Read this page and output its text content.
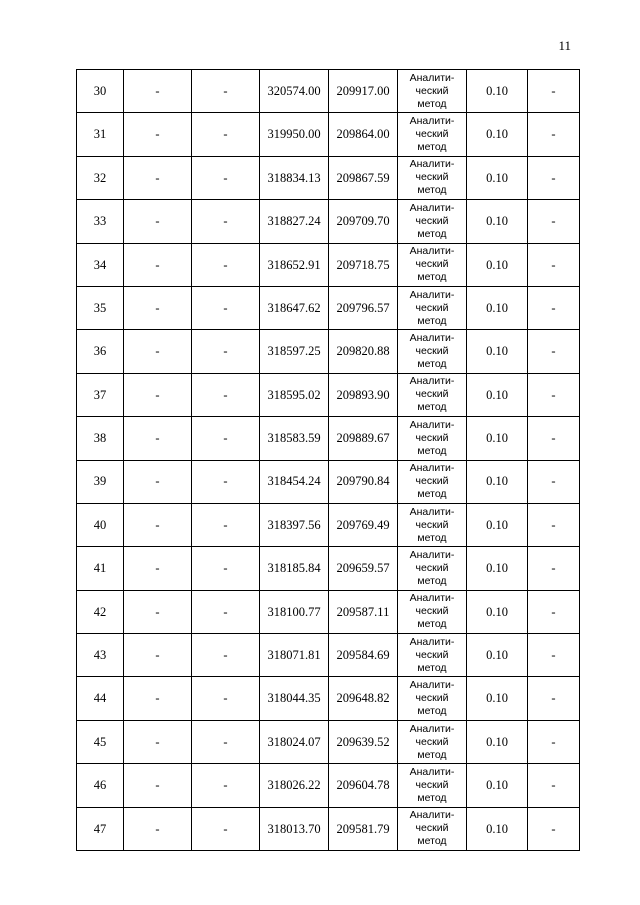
11
30	-	-	320574.00	209917.00	Аналити-
ческий
метод	0.10	-
31	-	-	319950.00	209864.00	Аналити-
ческий
метод	0.10	-
32	-	-	318834.13	209867.59	Аналити-
ческий
метод	0.10	-
33	-	-	318827.24	209709.70	Аналити-
ческий
метод	0.10	-
34	-	-	318652.91	209718.75	Аналити-
ческий
метод	0.10	-
35	-	-	318647.62	209796.57	Аналити-
ческий
метод	0.10	-
36	-	-	318597.25	209820.88	Аналити-
ческий
метод	0.10	-
37	-	-	318595.02	209893.90	Аналити-
ческий
метод	0.10	-
38	-	-	318583.59	209889.67	Аналити-
ческий
метод	0.10	-
39	-	-	318454.24	209790.84	Аналити-
ческий
метод	0.10	-
40	-	-	318397.56	209769.49	Аналити-
ческий
метод	0.10	-
41	-	-	318185.84	209659.57	Аналити-
ческий
метод	0.10	-
42	-	-	318100.77	209587.11	Аналити-
ческий
метод	0.10	-
43	-	-	318071.81	209584.69	Аналити-
ческий
метод	0.10	-
44	-	-	318044.35	209648.82	Аналити-
ческий
метод	0.10	-
45	-	-	318024.07	209639.52	Аналити-
ческий
метод	0.10	-
46	-	-	318026.22	209604.78	Аналити-
ческий
метод	0.10	-
47	-	-	318013.70	209581.79	Аналити-
ческий
метод	0.10	-
